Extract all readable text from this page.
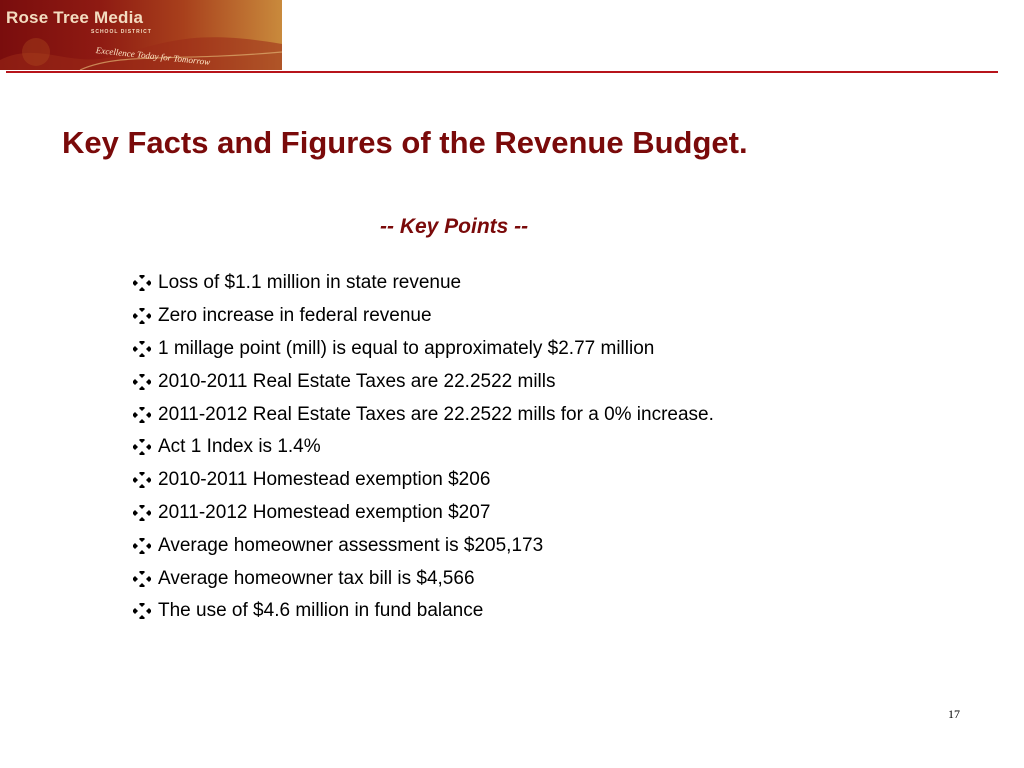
Rose Tree Media
SCHOOL DISTRICT
Excellence Today for Tomorrow
Key Facts and Figures of the Revenue Budget.
-- Key Points --
Loss of $1.1 million in state revenue
Zero increase in federal revenue
1 millage point (mill) is equal to approximately $2.77 million
2010-2011 Real Estate Taxes are 22.2522 mills
2011-2012 Real Estate Taxes are 22.2522 mills for a 0% increase.
Act 1 Index is 1.4%
2010-2011 Homestead exemption $206
2011-2012 Homestead exemption $207
Average homeowner assessment is $205,173
Average homeowner tax bill is $4,566
The use of $4.6 million in fund balance
17
